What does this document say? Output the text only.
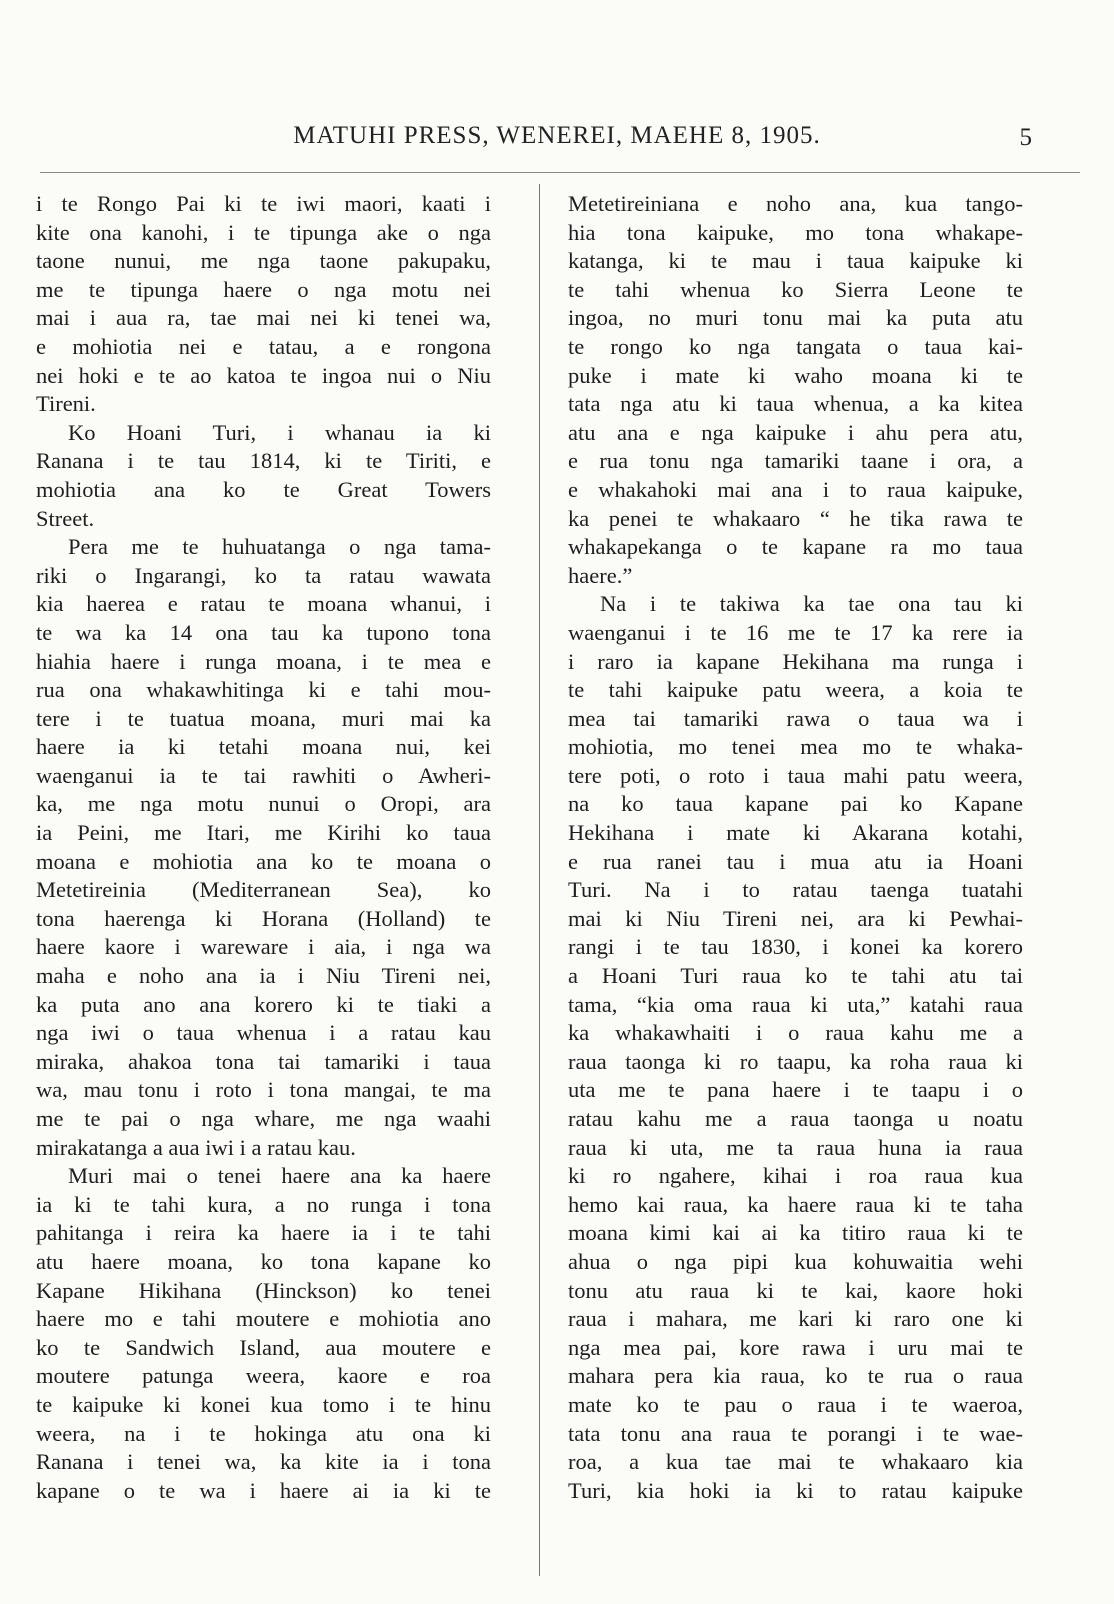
MATUHI PRESS, WENEREI, MAEHE 8, 1905.	5
i te Rongo Pai ki te iwi maori, kaati i
kite ona kanohi, i te tipunga ake o nga
taone nunui, me nga taone pakupaku,
me te tipunga haere o nga motu nei
mai i aua ra, tae mai nei ki tenei wa,
e mohiotia nei e tatau, a e rongona
nei hoki e te ao katoa te ingoa nui o Niu
Tireni.
Ko Hoani Turi, i whanau ia ki
Ranana i te tau 1814, ki te Tiriti, e
mohiotia ana ko te Great Towers
Street.
Pera me te huhuatanga o nga tama-
riki o Ingarangi, ko ta ratau wawata
kia haerea e ratau te moana whanui, i
te wa ka 14 ona tau ka tupono tona
hiahia haere i runga moana, i te mea e
rua ona whakawhitinga ki e tahi mou-
tere i te tuatua moana, muri mai ka
haere ia ki tetahi moana nui, kei
waenganui ia te tai rawhiti o Awheri-
ka, me nga motu nunui o Oropi, ara
ia Peini, me Itari, me Kirihi ko taua
moana e mohiotia ana ko te moana o
Metetireinia (Mediterranean Sea), ko
tona haerenga ki Horana (Holland) te
haere kaore i wareware i aia, i nga wa
maha e noho ana ia i Niu Tireni nei,
ka puta ano ana korero ki te tiaki a
nga iwi o taua whenua i a ratau kau
miraka, ahakoa tona tai tamariki i taua
wa, mau tonu i roto i tona mangai, te ma
me te pai o nga whare, me nga waahi
mirakatanga a aua iwi i a ratau kau.
Muri mai o tenei haere ana ka haere
ia ki te tahi kura, a no runga i tona
pahitanga i reira ka haere ia i te tahi
atu haere moana, ko tona kapane ko
Kapane Hikihana (Hinckson) ko tenei
haere mo e tahi moutere e mohiotia ano
ko te Sandwich Island, aua moutere e
moutere patunga weera, kaore e roa
te kaipuke ki konei kua tomo i te hinu
weera, na i te hokinga atu ona ki
Ranana i tenei wa, ka kite ia i tona
kapane o te wa i haere ai ia ki te
Metetireiniana e noho ana, kua tango-
hia tona kaipuke, mo tona whakape-
katanga, ki te mau i taua kaipuke ki
te tahi whenua ko Sierra Leone te
ingoa, no muri tonu mai ka puta atu
te rongo ko nga tangata o taua kai-
puke i mate ki waho moana ki te
tata nga atu ki taua whenua, a ka kitea
atu ana e nga kaipuke i ahu pera atu,
e rua tonu nga tamariki taane i ora, a
e whakahoki mai ana i to raua kaipuke,
ka penei te whakaaro “ he tika rawa te
whakapekanga o te kapane ra mo taua
haere.”
Na i te takiwa ka tae ona tau ki
waenganui i te 16 me te 17 ka rere ia
i raro ia kapane Hekihana ma runga i
te tahi kaipuke patu weera, a koia te
mea tai tamariki rawa o taua wa i
mohiotia, mo tenei mea mo te whaka-
tere poti, o roto i taua mahi patu weera,
na ko taua kapane pai ko Kapane
Hekihana i mate ki Akarana kotahi,
e rua ranei tau i mua atu ia Hoani
Turi. Na i to ratau taenga tuatahi
mai ki Niu Tireni nei, ara ki Pewhai-
rangi i te tau 1830, i konei ka korero
a Hoani Turi raua ko te tahi atu tai
tama, “kia oma raua ki uta,” katahi raua
ka whakawhaiti i o raua kahu me a
raua taonga ki ro taapu, ka roha raua ki
uta me te pana haere i te taapu i o
ratau kahu me a raua taonga u noatu
raua ki uta, me ta raua huna ia raua
ki ro ngahere, kihai i roa raua kua
hemo kai raua, ka haere raua ki te taha
moana kimi kai ai ka titiro raua ki te
ahua o nga pipi kua kohuwaitia wehi
tonu atu raua ki te kai, kaore hoki
raua i mahara, me kari ki raro one ki
nga mea pai, kore rawa i uru mai te
mahara pera kia raua, ko te rua o raua
mate ko te pau o raua i te waeroa,
tata tonu ana raua te porangi i te wae-
roa, a kua tae mai te whakaaro kia
Turi, kia hoki ia ki to ratau kaipuke
